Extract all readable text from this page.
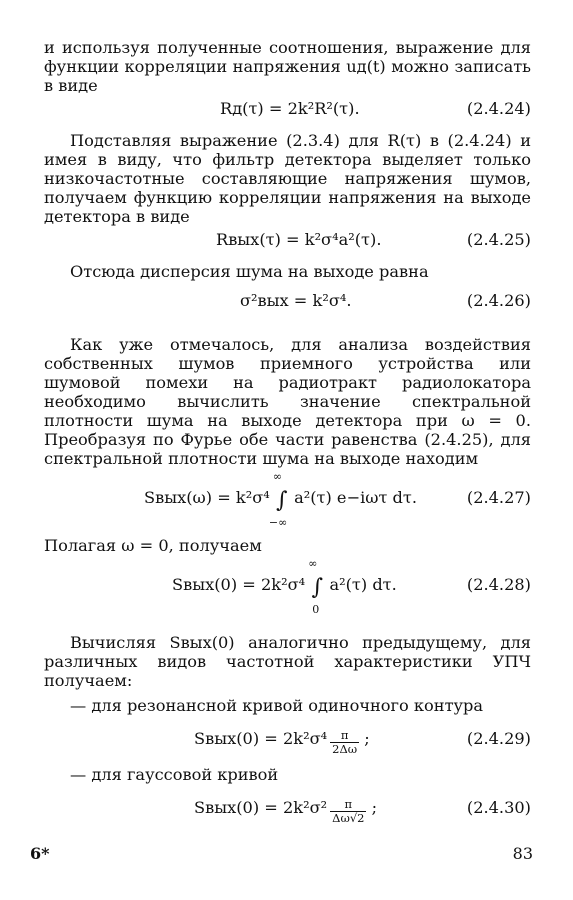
и используя полученные соотношения, выражение для функции корреляции напряжения uд(t) можно записать в виде

Rд(τ) = 2k²R²(τ).	(2.4.24)

Подставляя выражение (2.3.4) для R(τ) в (2.4.24) и имея в виду, что фильтр детектора выделяет только низкочастотные составляющие напряжения шумов, получаем функцию корреляции напряжения на выходе детектора в виде

Rвых(τ) = k²σ⁴a²(τ).	(2.4.25)

Отсюда дисперсия шума на выходе равна

σ²вых = k²σ⁴.	(2.4.26)

Как уже отмечалось, для анализа воздействия собственных шумов приемного устройства или шумовой помехи на радиотракт радиолокатора необходимо вычислить значение спектральной плотности шума на выходе детектора при ω = 0. Преобразуя по Фурье обе части равенства (2.4.25), для спектральной плотности шума на выходе находим

Sвых(ω) = k²σ⁴ ∫
∞
−∞
a²(τ) e−iωτ dτ.	(2.4.27)

Полагая ω = 0, получаем

Sвых(0) = 2k²σ⁴ ∫
∞
0
a²(τ) dτ.	(2.4.28)

Вычисляя Sвых(0) аналогично предыдущему, для различных видов частотной характеристики УПЧ получаем:

— для резонансной кривой одиночного контура

Sвых(0) = $2k^2\sigma^4 \frac{\pi}{2\Delta\omega}$ ;	(2.4.29)

— для гауссовой кривой

Sвых(0) = $2k^2\sigma^2 \frac{\pi}{\Delta\omega√2}$ ;	(2.4.30)
6*	83
